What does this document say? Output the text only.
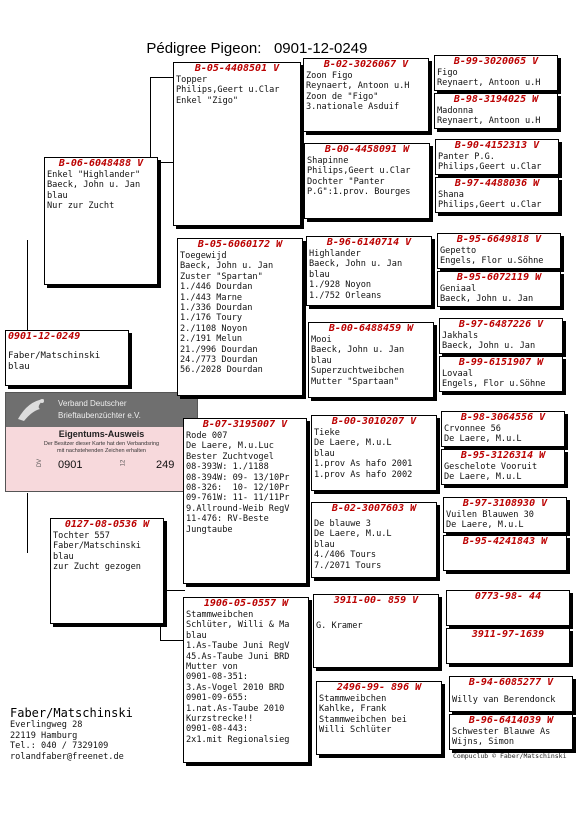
Pédigree Pigeon: 0901-12-0249

0901-12-0249
Faber/Matschinski
blau
Verband Deutscher
Brieftaubenzüchter e.V.
Eigentums-Ausweis
Der Besitzer dieser Karte hat den Verbandsring
mit nachstehenden Zeichen erhalten
DV 0901	12	249
B-06-6048488 V
Enkel "Highlander"
Baeck, John u. Jan
blau
Nur zur Zucht
0127-08-0536 W
Tochter 557
Faber/Matschinski
blau
zur Zucht gezogen
B-05-4408501 V
Topper
Philips,Geert u.Clar
Enkel "Zigo"
B-05-6060172 W
Toegewijd
Baeck, John u. Jan
Zuster "Spartan"
1./446 Dourdan
1./443 Marne
1./336 Dourdan
1./176 Toury
2./1108 Noyon
2./191 Melun
21./996 Dourdan
24./773 Dourdan
56./2028 Dourdan
B-07-3195007 V
Rode 007
De Laere, M.u.Luc
Bester Zuchtvogel
08-393W: 1./1188
08-394W: 09- 13/10Pr
08-326:  10- 12/10Pr
09-761W: 11- 11/11Pr
9.Allround-Weib RegV
11-476: RV-Beste
Jungtaube
1906-05-0557 W
Stammweibchen
Schlüter, Willi & Ma
blau
1.As-Taube Juni RegV
45.As-Taube Juni BRD
Mutter von
0901-08-351:
3.As-Vogel 2010 BRD
0901-09-655:
1.nat.As-Taube 2010
Kurzstrecke!!
0901-08-443:
2x1.mit Regionalsieg
B-02-3026067 V
Zoon Figo
Reynaert, Antoon u.H
Zoon de "Figo"
3.nationale Asduif
B-00-4458091 W
Shapinne
Philips,Geert u.Clar
Dochter "Panter
P.G":1.prov. Bourges
B-96-6140714 V
Highlander
Baeck, John u. Jan
blau
1./928 Noyon
1./752 Orleans
B-00-6488459 W
Mooi
Baeck, John u. Jan
blau
Superzuchtweibchen
Mutter "Spartaan"
B-00-3010207 V
Tieke
De Laere, M.u.L
blau
1.prov As hafo 2001
1.prov As hafo 2002
B-02-3007603 W
De blauwe 3
De Laere, M.u.L
blau
4./406 Tours
7./2071 Tours
3911-00- 859 V
G. Kramer
2496-99- 896 W
Stammweibchen
Kahlke, Frank
Stammweibchen bei
Willi Schlüter
B-99-3020065 V
Figo
Reynaert, Antoon u.H
B-98-3194025 W
Madonna
Reynaert, Antoon u.H
B-90-4152313 V
Panter P.G.
Philips,Geert u.Clar
B-97-4488036 W
Shana
Philips,Geert u.Clar
B-95-6649818 V
Gepetto
Engels, Flor u.Söhne
B-95-6072119 W
Geniaal
Baeck, John u. Jan
B-97-6487226 V
Jakhals
Baeck, John u. Jan
B-99-6151907 W
Lovaal
Engels, Flor u.Söhne
B-98-3064556 V
Crvonnee 56
De Laere, M.u.L
B-95-3126314 W
Geschelote Vooruit
De Laere, M.u.L
B-97-3108930 V
Vuilen Blauwen 30
De Laere, M.u.L
B-95-4241843 W
0773-98- 44
3911-97-1639
B-94-6085277 V
Willy van Berendonck
B-96-6414039 W
Schwester Blauwe As
Wijns, Simon
Faber/Matschinski
Everlingweg 28
22119 Hamburg
Tel.: 040 / 7329109
rolandfaber@freenet.de	Compuclub © Faber/Matschinski
